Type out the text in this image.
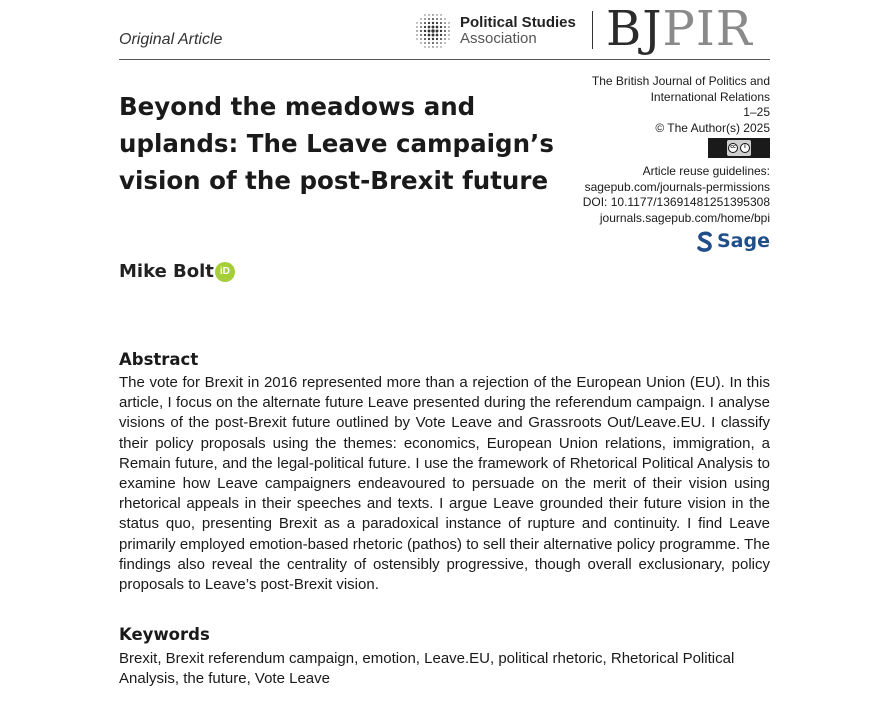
Original Article
Political Studies
Association	BJPIR
Beyond the meadows and uplands: The Leave campaign’s vision of the post-Brexit future
The British Journal of Politics and
International Relations
1–25
© The Author(s) 2025
cc	i
Article reuse guidelines:
sagepub.com/journals-permissions
DOI: 10.1177/13691481251395308
journals.sagepub.com/home/bpi
Sage
Mike Bolt iD
Abstract
The vote for Brexit in 2016 represented more than a rejection of the European Union (EU). In this article, I focus on the alternate future Leave presented during the referendum campaign. I analyse visions of the post-Brexit future outlined by Vote Leave and Grassroots Out/Leave.EU. I classify their policy proposals using the themes: economics, European Union relations, immigration, a Remain future, and the legal-political future. I use the framework of Rhetorical Political Analysis to examine how Leave campaigners endeavoured to persuade on the merit of their vision using rhetorical appeals in their speeches and texts. I argue Leave grounded their future vision in the status quo, presenting Brexit as a paradoxical instance of rupture and continuity. I find Leave primarily employed emotion-based rhetoric (pathos) to sell their alternative policy programme. The findings also reveal the centrality of ostensibly progressive, though overall exclusionary, policy proposals to Leave’s post-Brexit vision.
Keywords
Brexit, Brexit referendum campaign, emotion, Leave.EU, political rhetoric, Rhetorical Political Analysis, the future, Vote Leave
